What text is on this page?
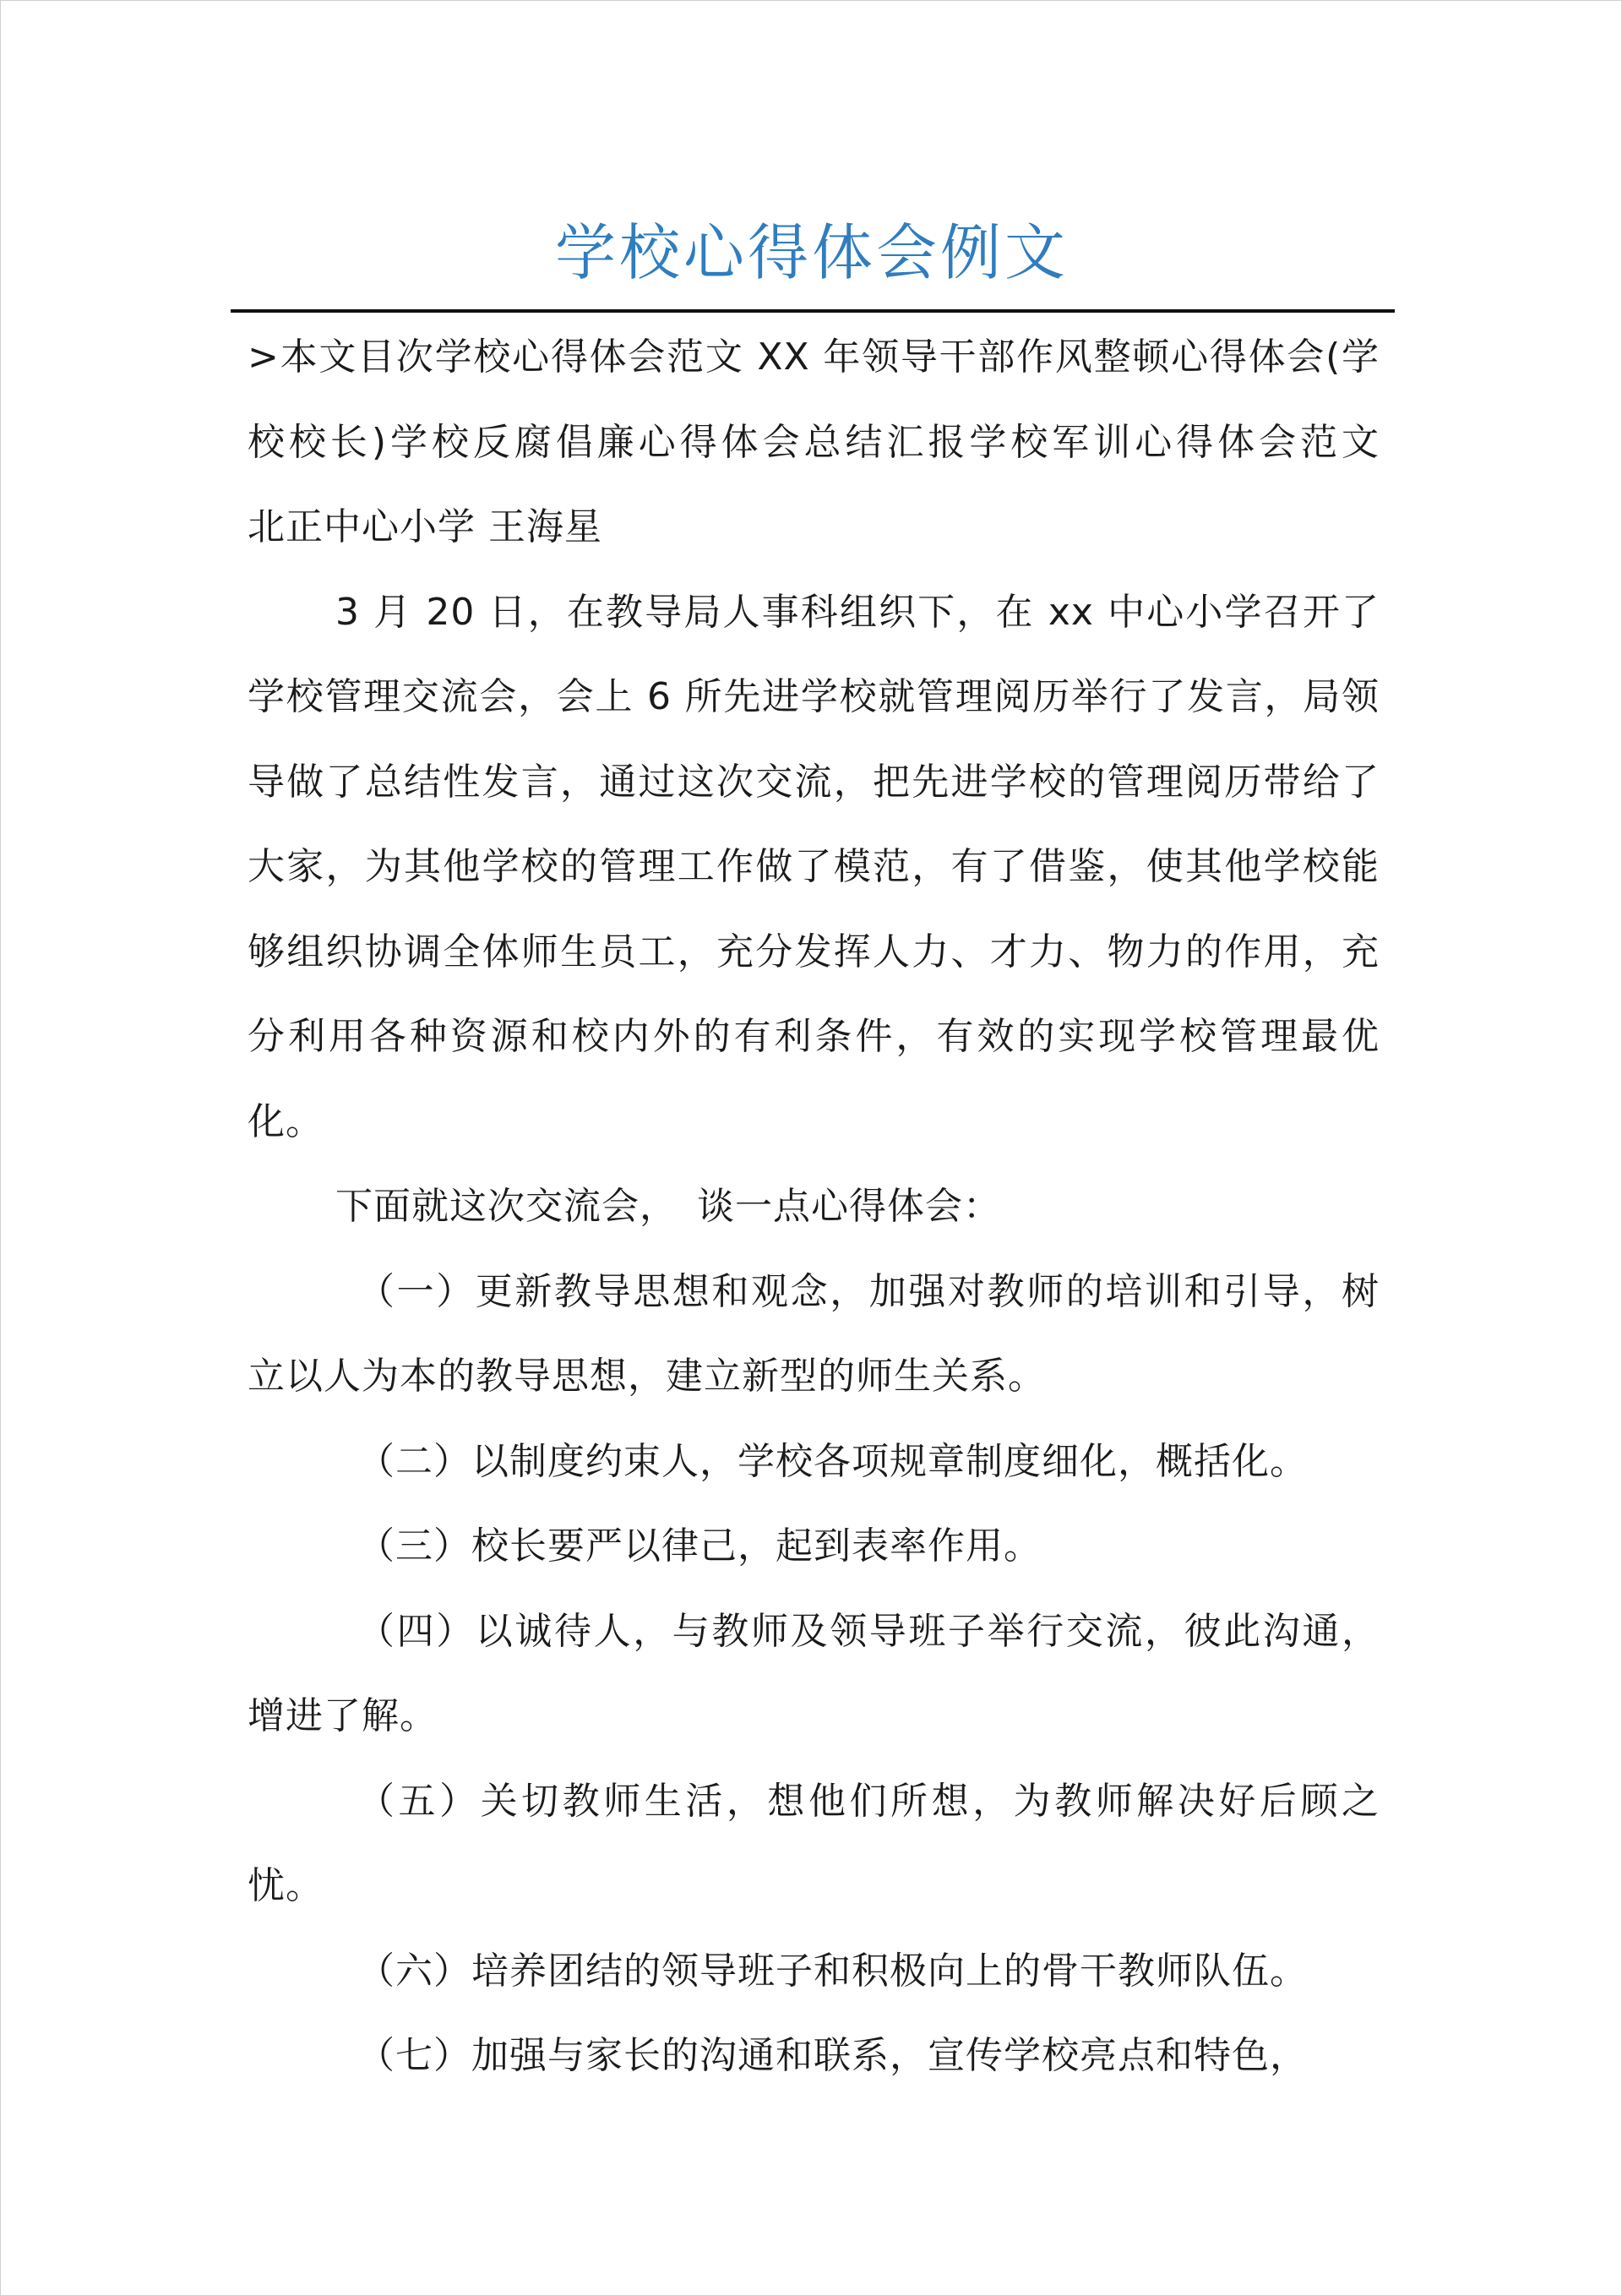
学校心得体会例文

>本文目次学校心得体会范文 XX 年领导干部作风整顿心得体会(学校校长)学校反腐倡廉心得体会总结汇报学校军训心得体会范文　　北正中心小学 王海星

3 月 20 日，在教导局人事科组织下，在 xx 中心小学召开了学校管理交流会，会上 6 所先进学校就管理阅历举行了发言，局领导做了总结性发言，通过这次交流，把先进学校的管理阅历带给了大家，为其他学校的管理工作做了模范，有了借鉴，使其他学校能够组织协调全体师生员工，充分发挥人力、才力、物力的作用，充分利用各种资源和校内外的有利条件，有效的实现学校管理最优化。

下面就这次交流会，　谈一点心得体会：

（一）更新教导思想和观念，加强对教师的培训和引导，树立以人为本的教导思想，建立新型的师生关系。

（二）以制度约束人，学校各项规章制度细化，概括化。

（三）校长要严以律己，起到表率作用。

（四）以诚待人，与教师及领导班子举行交流，彼此沟通，增进了解。

（五）关切教师生活，想他们所想，为教师解决好后顾之忧。

（六）培养团结的领导班子和积极向上的骨干教师队伍。

（七）加强与家长的沟通和联系，宣传学校亮点和特色，
